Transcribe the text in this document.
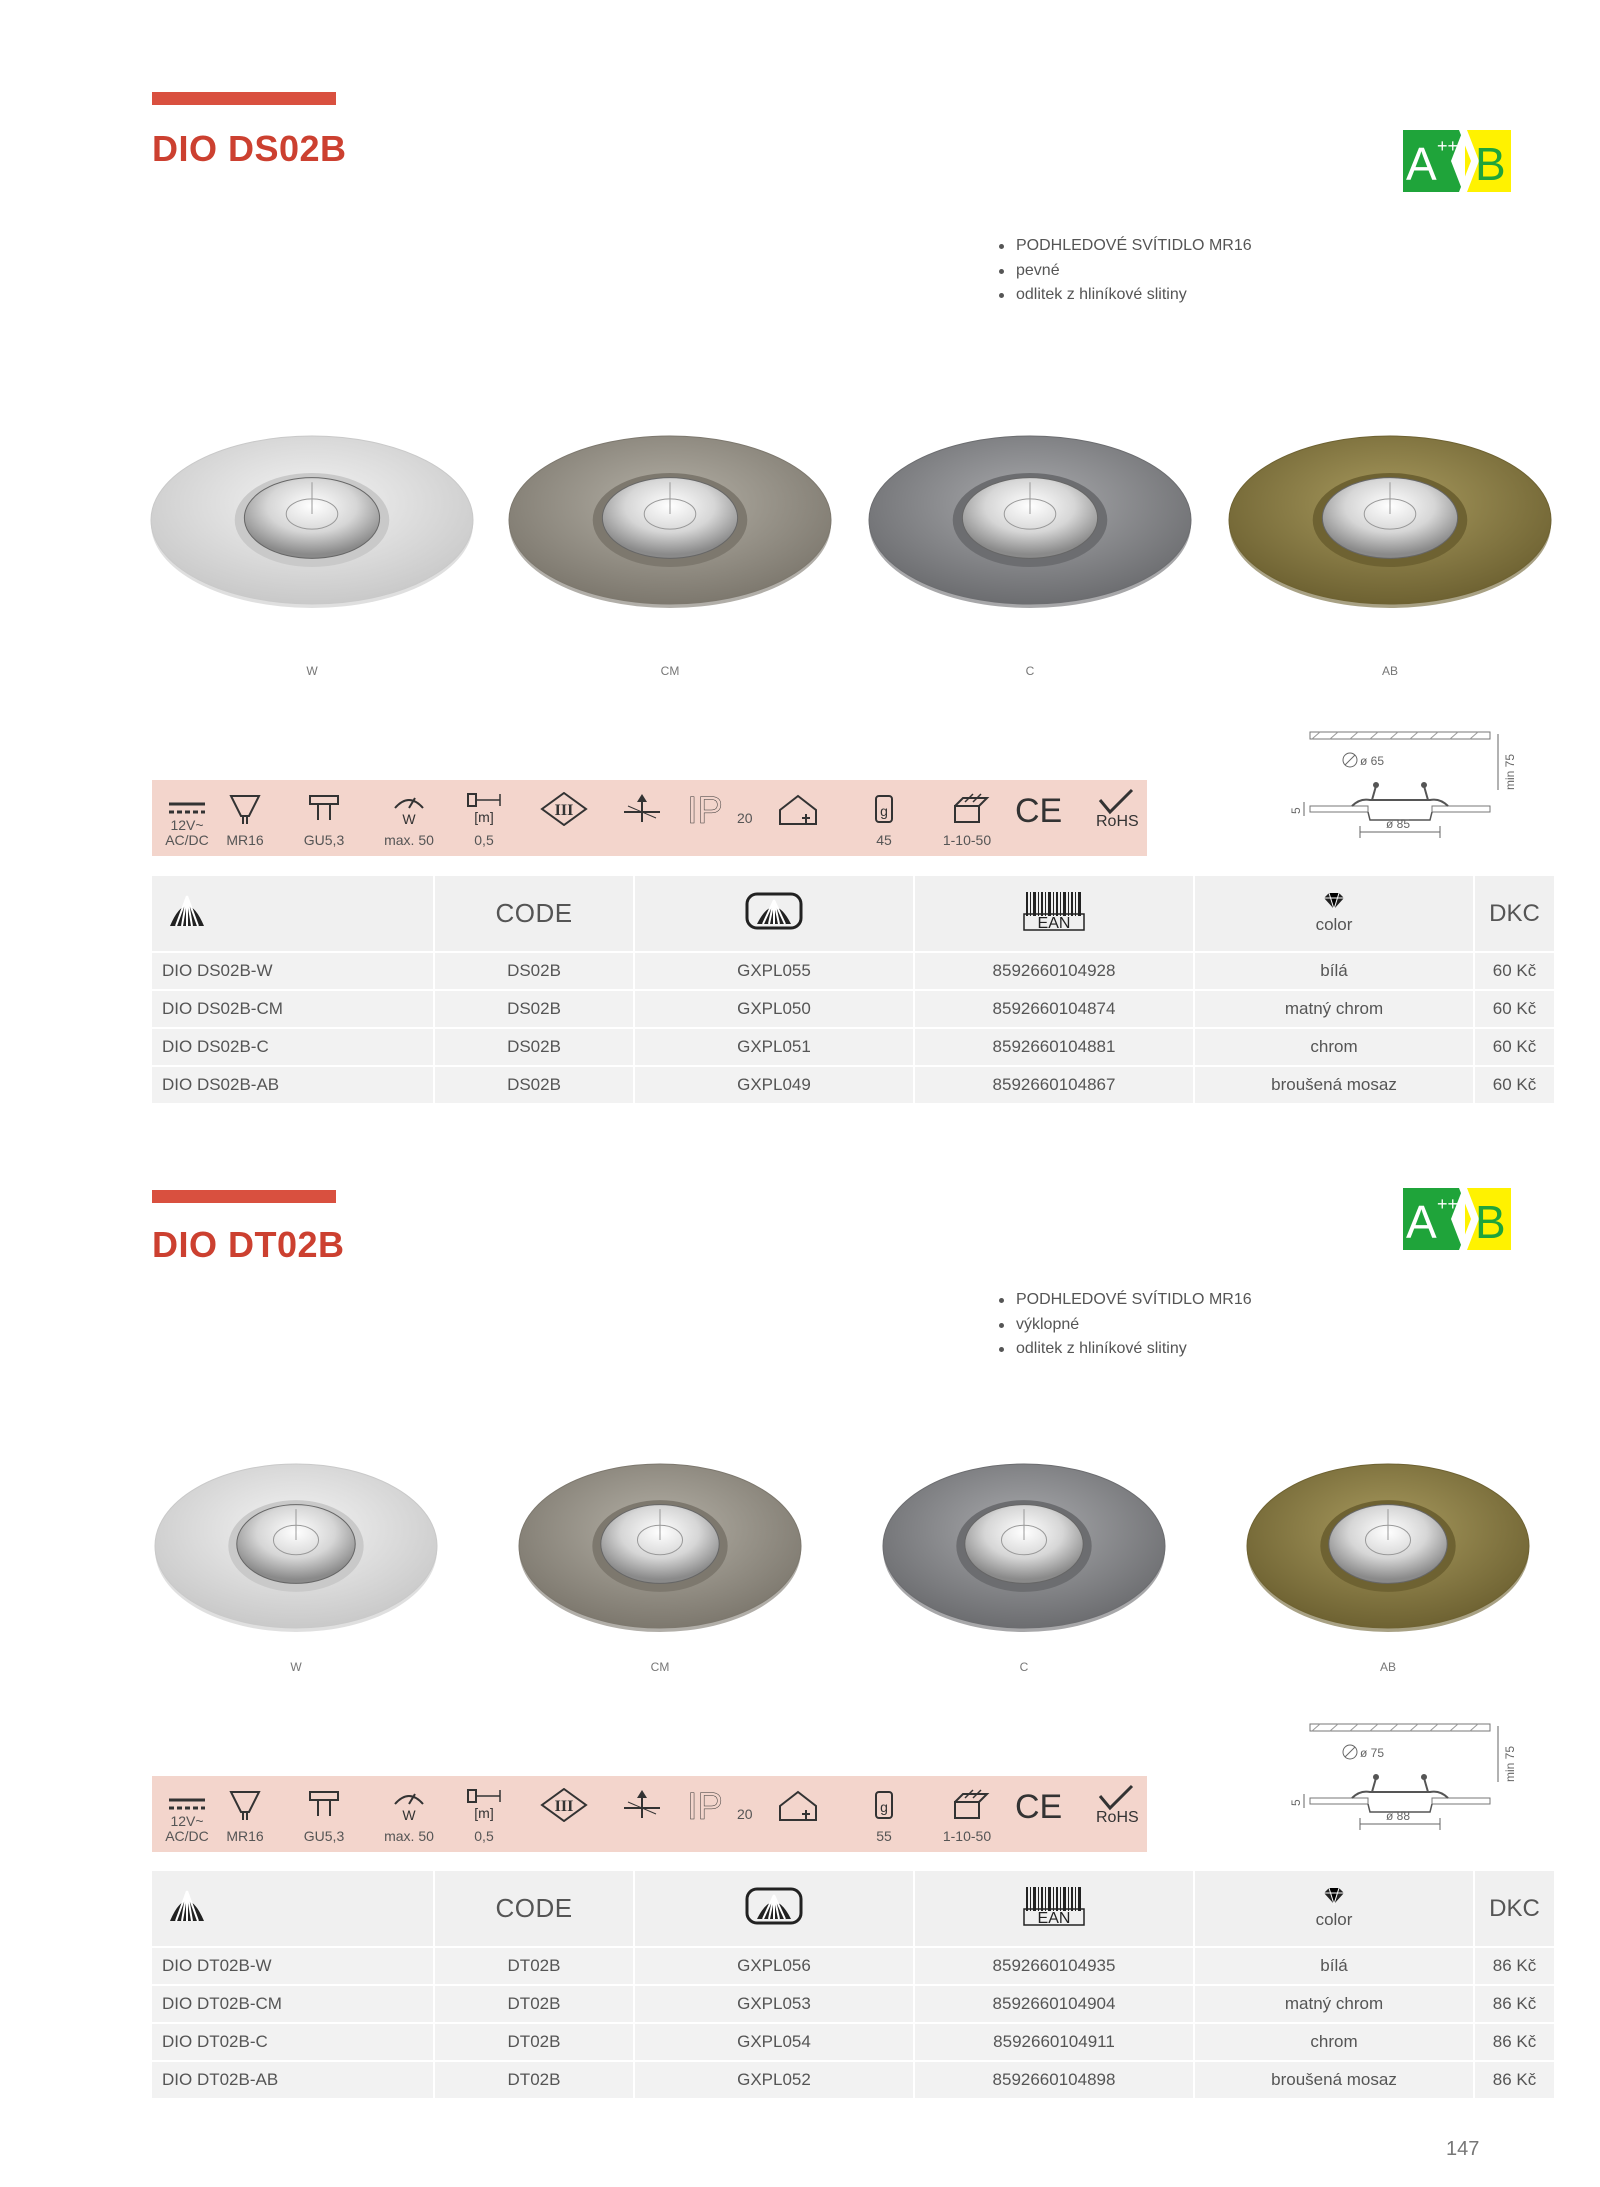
147
DIO DS02B	A ++ B
PODHLEDOVÉ SVÍTIDLO MR16
pevné
odlitek z hliníkové slitiny
W	CM	C	AB
12V~
AC/DC	MR16	GU5,3
W
max. 50
[m]
0,5
III	IP 20	g
45	1-10-50
CE RoHS
ø 65
ø 85
5
min 75
	CODE		EAN	color	DKC
DIO DS02B-W	DS02B	GXPL055	8592660104928	bílá	60 Kč
DIO DS02B-CM	DS02B	GXPL050	8592660104874	matný chrom	60 Kč
DIO DS02B-C	DS02B	GXPL051	8592660104881	chrom	60 Kč
DIO DS02B-AB	DS02B	GXPL049	8592660104867	broušená mosaz	60 Kč
DIO DT02B	A ++ B
PODHLEDOVÉ SVÍTIDLO MR16
výklopné
odlitek z hliníkové slitiny
W	CM	C	AB
12V~
AC/DC	MR16	GU5,3
W
max. 50
[m]
0,5
III	IP 20	g
55	1-10-50
CE RoHS
ø 75
ø 88
5
min 75
	CODE		EAN	color	DKC
DIO DT02B-W	DT02B	GXPL056	8592660104935	bílá	86 Kč
DIO DT02B-CM	DT02B	GXPL053	8592660104904	matný chrom	86 Kč
DIO DT02B-C	DT02B	GXPL054	8592660104911	chrom	86 Kč
DIO DT02B-AB	DT02B	GXPL052	8592660104898	broušená mosaz	86 Kč
